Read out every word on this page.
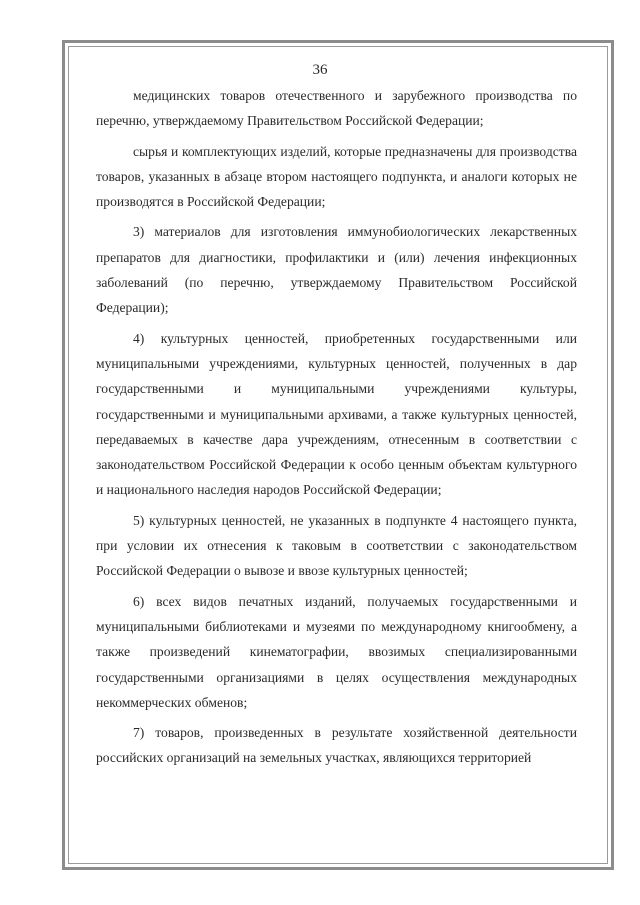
36

медицинских товаров отечественного и зарубежного производства по перечню, утверждаемому Правительством Российской Федерации;

сырья и комплектующих изделий, которые предназначены для производства товаров, указанных в абзаце втором настоящего подпункта, и аналоги которых не производятся в Российской Федерации;

3) материалов для изготовления иммунобиологических лекарственных препаратов для диагностики, профилактики и (или) лечения инфекционных заболеваний (по перечню, утверждаемому Правительством Российской Федерации);

4) культурных ценностей, приобретенных государственными или муниципальными учреждениями, культурных ценностей, полученных в дар государственными и муниципальными учреждениями культуры, государственными и муниципальными архивами, а также культурных ценностей, передаваемых в качестве дара учреждениям, отнесенным в соответствии с законодательством Российской Федерации к особо ценным объектам культурного и национального наследия народов Российской Федерации;

5) культурных ценностей, не указанных в подпункте 4 настоящего пункта, при условии их отнесения к таковым в соответствии с законодательством Российской Федерации о вывозе и ввозе культурных ценностей;

6) всех видов печатных изданий, получаемых государственными и муниципальными библиотеками и музеями по международному книгообмену, а также произведений кинематографии, ввозимых специализированными государственными организациями в целях осуществления международных некоммерческих обменов;

7) товаров, произведенных в результате хозяйственной деятельности российских организаций на земельных участках, являющихся территорией
